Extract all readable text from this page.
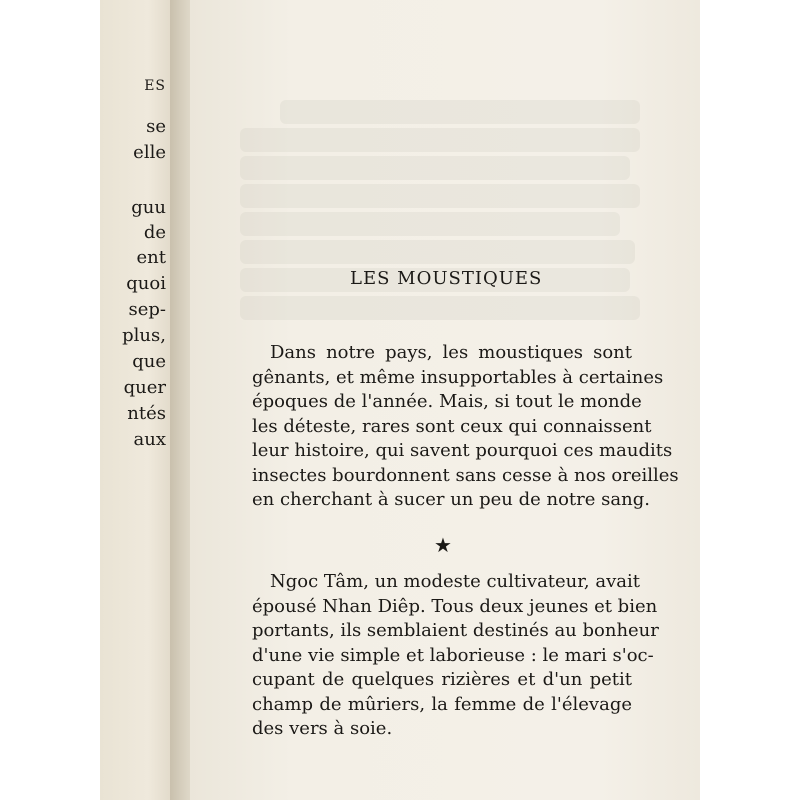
ES
se
elle
guu
de
ent
quoi
sep-
plus,
que
quer
ntés
aux
LES MOUSTIQUES
Dans notre pays, les moustiques sont
gênants, et même insupportables à certaines
époques de l'année. Mais, si tout le monde
les déteste, rares sont ceux qui connaissent
leur histoire, qui savent pourquoi ces maudits
insectes bourdonnent sans cesse à nos oreilles
en cherchant à sucer un peu de notre sang.
★
Ngoc Tâm, un modeste cultivateur, avait
épousé Nhan Diêp. Tous deux jeunes et bien
portants, ils semblaient destinés au bonheur
d'une vie simple et laborieuse : le mari s'oc-
cupant de quelques rizières et d'un petit
champ de mûriers, la femme de l'élevage
des vers à soie.
